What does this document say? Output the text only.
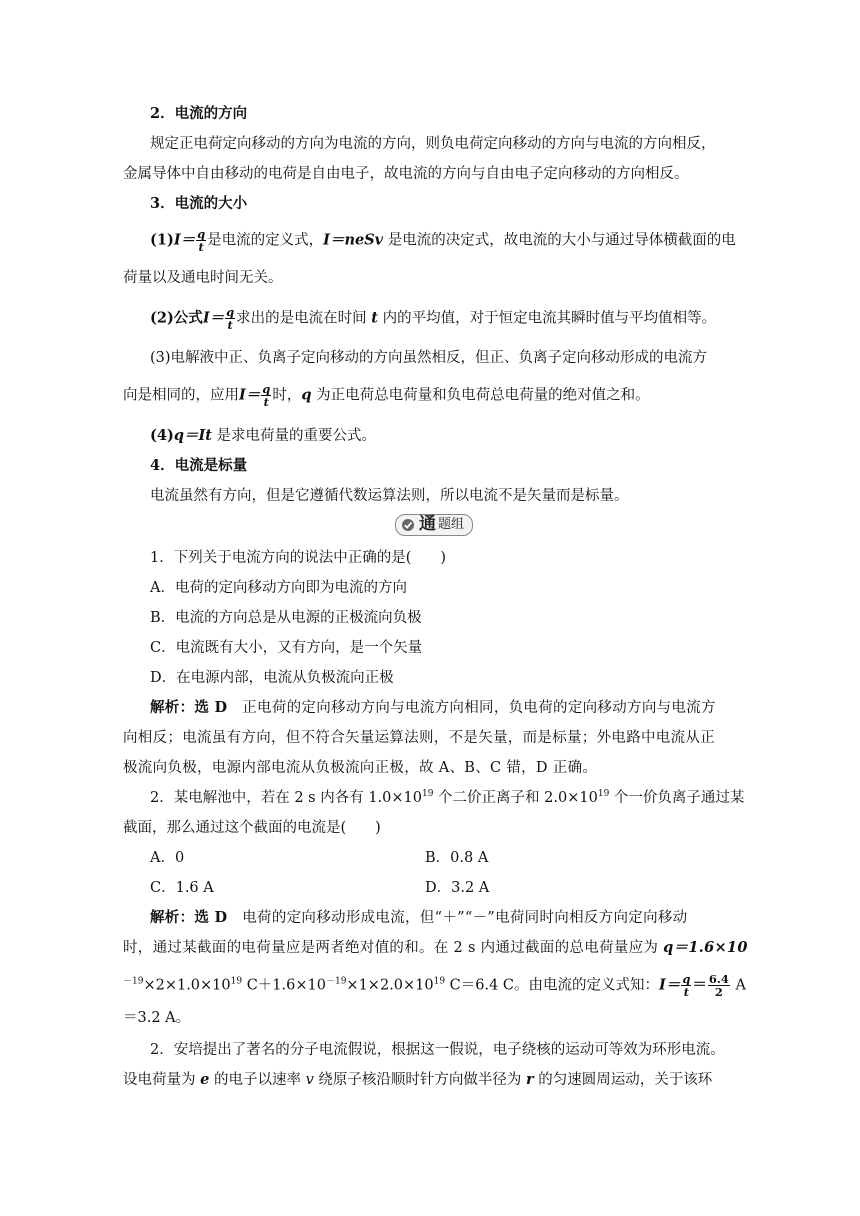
2．电流的方向
规定正电荷定向移动的方向为电流的方向，则负电荷定向移动的方向与电流的方向相反，
金属导体中自由移动的电荷是自由电子，故电流的方向与自由电子定向移动的方向相反。
3．电流的大小
$(1)I= \frac{q}{t}$ 是电流的定义式，I＝neSv 是电流的决定式，故电流的大小与通过导体横截面的电
荷量以及通电时间无关。
(2)公式$I= \frac{q}{t}$ 求出的是电流在时间 t 内的平均值，对于恒定电流其瞬时值与平均值相等。
(3)电解液中正、负离子定向移动的方向虽然相反，但正、负离子定向移动形成的电流方
向是相同的，应用$I= \frac{q}{t}$ 时，q 为正电荷总电荷量和负电荷总电荷量的绝对值之和。
(4)q＝It 是求电荷量的重要公式。
4．电流是标量
电流虽然有方向，但是它遵循代数运算法则，所以电流不是矢量而是标量。
通 题组
1．下列关于电流方向的说法中正确的是(　　)
A．电荷的定向移动方向即为电流的方向
B．电流的方向总是从电源的正极流向负极
C．电流既有大小，又有方向，是一个矢量
D．在电源内部，电流从负极流向正极
解析：选 D　正电荷的定向移动方向与电流方向相同，负电荷的定向移动方向与电流方
向相反；电流虽有方向，但不符合矢量运算法则，不是矢量，而是标量；外电路中电流从正
极流向负极，电源内部电流从负极流向正极，故 A、B、C 错，D 正确。
2．某电解池中，若在 2 s 内各有 $1.0\times 10^{19}$ 个二价正离子和 $2.0\times 10^{19}$ 个一价负离子通过某
截面，那么通过这个截面的电流是(　　)
A．0	B．0.8 A
C．1.6 A	D．3.2 A
解析：选 D　电荷的定向移动形成电流，但“＋”“－”电荷同时向相反方向定向移动
时，通过某截面的电荷量应是两者绝对值的和。在 2 s 内通过截面的总电荷量应为 q＝1.6×10
$^{-19}\times 2\times 1.0\times 10^{19}$ $C+1.6\times 10^{-19}\times 1\times 2.0\times 10^{19}$ C＝6.4 C。由电流的定义式知：$I= \frac{q}{t} = \frac{6.4}{2}$ A
＝3.2 A。
2．安培提出了著名的分子电流假说，根据这一假说，电子绕核的运动可等效为环形电流。
设电荷量为 e 的电子以速率 v 绕原子核沿顺时针方向做半径为 r 的匀速圆周运动，关于该环
